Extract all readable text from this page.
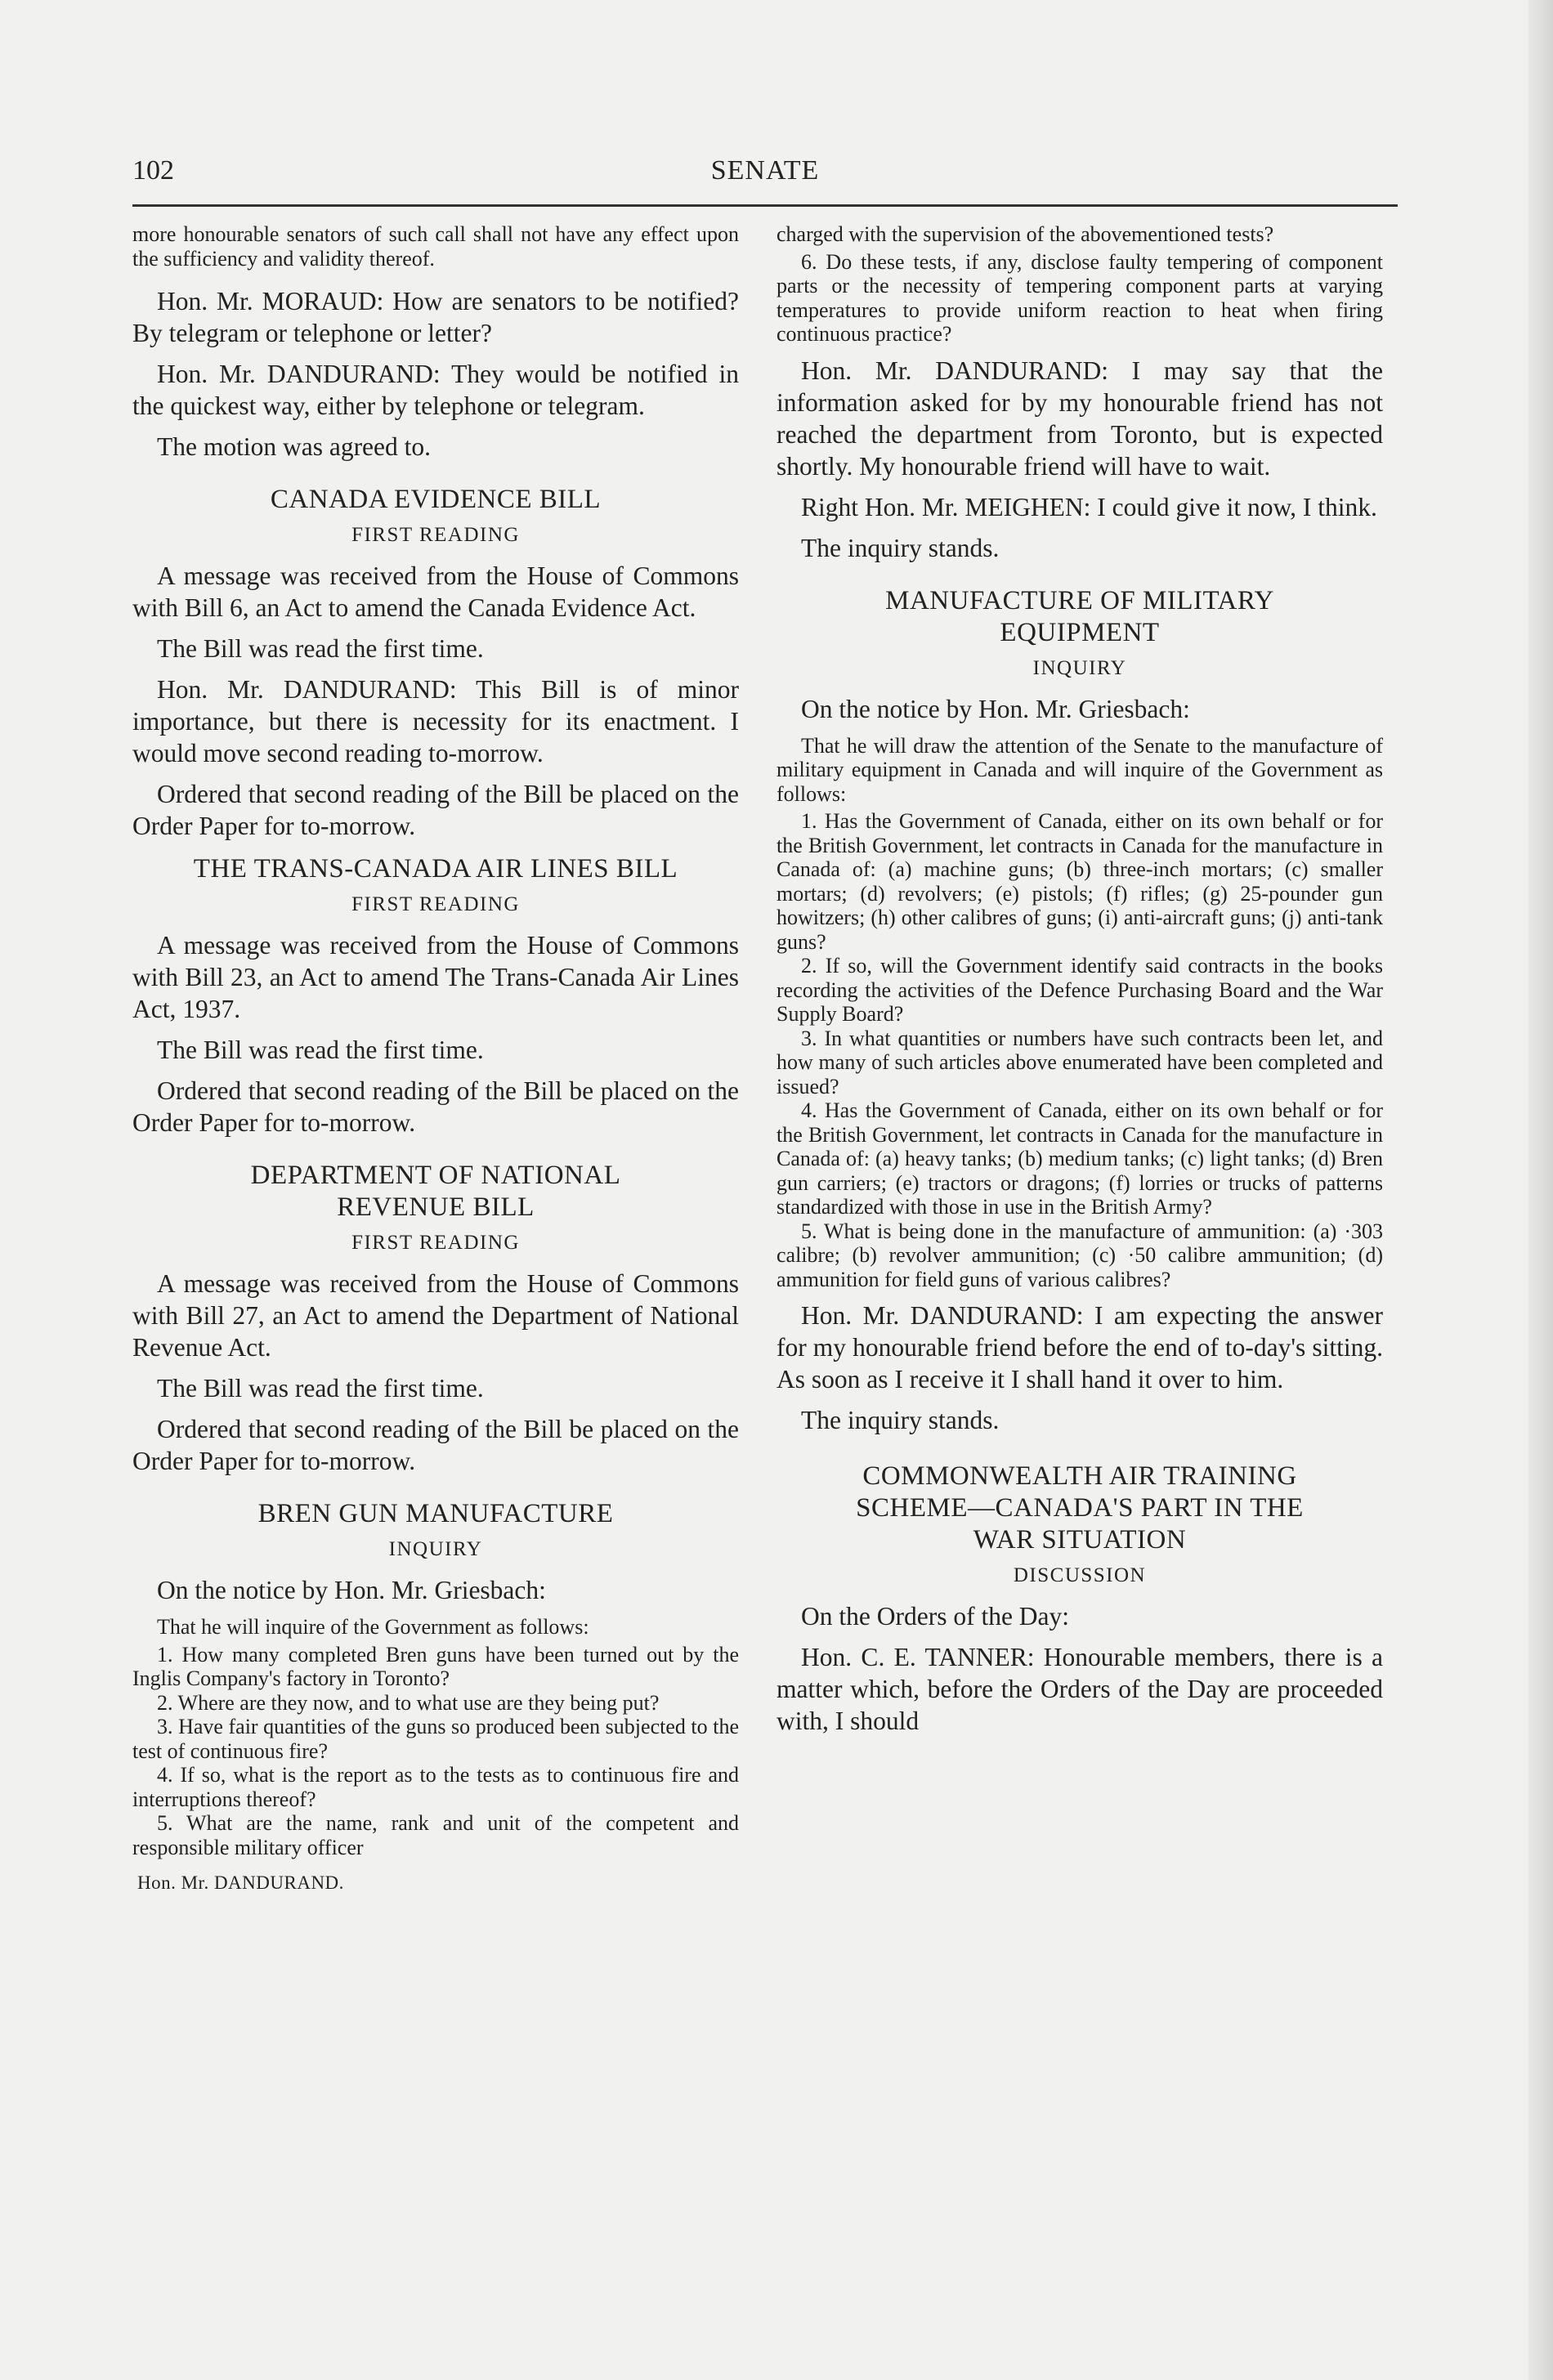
102	SENATE

more honourable senators of such call shall not have any effect upon the sufficiency and validity thereof.

Hon. Mr. MORAUD: How are senators to be notified? By telegram or telephone or letter?

Hon. Mr. DANDURAND: They would be notified in the quickest way, either by telephone or telegram.

The motion was agreed to.

CANADA EVIDENCE BILL
FIRST READING

A message was received from the House of Commons with Bill 6, an Act to amend the Canada Evidence Act.

The Bill was read the first time.

Hon. Mr. DANDURAND: This Bill is of minor importance, but there is necessity for its enactment. I would move second reading to-morrow.

Ordered that second reading of the Bill be placed on the Order Paper for to-morrow.

THE TRANS-CANADA AIR LINES BILL
FIRST READING

A message was received from the House of Commons with Bill 23, an Act to amend The Trans-Canada Air Lines Act, 1937.

The Bill was read the first time.

Ordered that second reading of the Bill be placed on the Order Paper for to-morrow.

DEPARTMENT OF NATIONAL
REVENUE BILL
FIRST READING

A message was received from the House of Commons with Bill 27, an Act to amend the Department of National Revenue Act.

The Bill was read the first time.

Ordered that second reading of the Bill be placed on the Order Paper for to-morrow.

BREN GUN MANUFACTURE
INQUIRY

On the notice by Hon. Mr. Griesbach:

That he will inquire of the Government as follows:

1. How many completed Bren guns have been turned out by the Inglis Company's factory in Toronto?

2. Where are they now, and to what use are they being put?

3. Have fair quantities of the guns so produced been subjected to the test of continuous fire?

4. If so, what is the report as to the tests as to continuous fire and interruptions thereof?

5. What are the name, rank and unit of the competent and responsible military officer

Hon. Mr. DANDURAND.

charged with the supervision of the abovementioned tests?

6. Do these tests, if any, disclose faulty tempering of component parts or the necessity of tempering component parts at varying temperatures to provide uniform reaction to heat when firing continuous practice?

Hon. Mr. DANDURAND: I may say that the information asked for by my honourable friend has not reached the department from Toronto, but is expected shortly. My honourable friend will have to wait.

Right Hon. Mr. MEIGHEN: I could give it now, I think.

The inquiry stands.

MANUFACTURE OF MILITARY
EQUIPMENT
INQUIRY

On the notice by Hon. Mr. Griesbach:

That he will draw the attention of the Senate to the manufacture of military equipment in Canada and will inquire of the Government as follows:

1. Has the Government of Canada, either on its own behalf or for the British Government, let contracts in Canada for the manufacture in Canada of: (a) machine guns; (b) three-inch mortars; (c) smaller mortars; (d) revolvers; (e) pistols; (f) rifles; (g) 25-pounder gun howitzers; (h) other calibres of guns; (i) anti-aircraft guns; (j) anti-tank guns?

2. If so, will the Government identify said contracts in the books recording the activities of the Defence Purchasing Board and the War Supply Board?

3. In what quantities or numbers have such contracts been let, and how many of such articles above enumerated have been completed and issued?

4. Has the Government of Canada, either on its own behalf or for the British Government, let contracts in Canada for the manufacture in Canada of: (a) heavy tanks; (b) medium tanks; (c) light tanks; (d) Bren gun carriers; (e) tractors or dragons; (f) lorries or trucks of patterns standardized with those in use in the British Army?

5. What is being done in the manufacture of ammunition: (a) ·303 calibre; (b) revolver ammunition; (c) ·50 calibre ammunition; (d) ammunition for field guns of various calibres?

Hon. Mr. DANDURAND: I am expecting the answer for my honourable friend before the end of to-day's sitting. As soon as I receive it I shall hand it over to him.

The inquiry stands.

COMMONWEALTH AIR TRAINING
SCHEME—CANADA'S PART IN THE
WAR SITUATION
DISCUSSION

On the Orders of the Day:

Hon. C. E. TANNER: Honourable members, there is a matter which, before the Orders of the Day are proceeded with, I should
